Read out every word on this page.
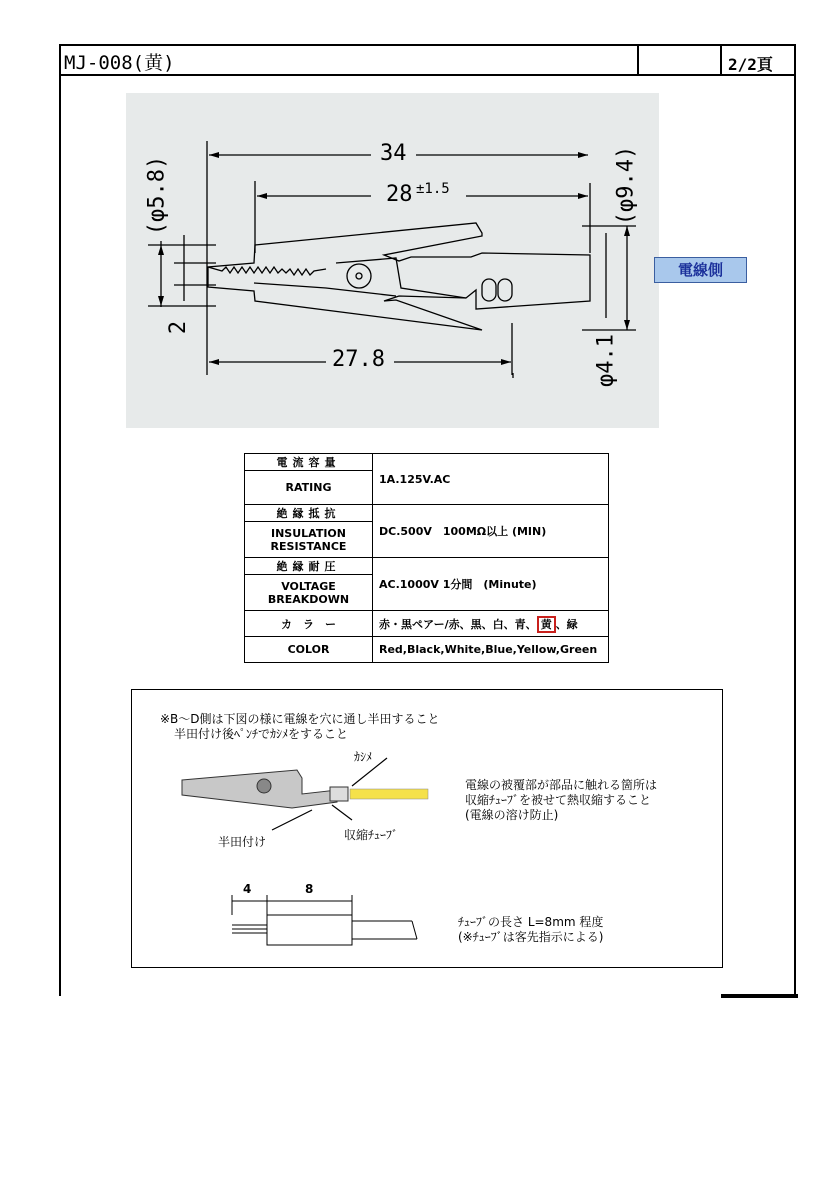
MJ-008(黄)	2/2頁
34
28 ±1.5
27.8
(φ5.8)	(φ9.4)
φ4.1
2
電線側
電流容量	1A.125V.AC
RATING	
絶縁抵抗	DC.500V　100MΩ以上 (MIN)

INSULATION
RESISTANCE	

絶縁耐圧	AC.1000V 1分間　(Minute)

VOLTAGE
BREAKDOWN	

カ　ラ　ー	赤・黒ペアー/赤、黒、白、青、 黄 、緑
COLOR	Red,Black,White,Blue,Yellow,Green
※B～D側は下図の様に電線を穴に通し半田すること
半田付け後ﾍﾟﾝﾁでｶｼﾒをすること
ｶｼﾒ
半田付け	収縮ﾁｭｰﾌﾞ
電線の被覆部が部品に触れる箇所は
収縮ﾁｭｰﾌﾞを被せて熱収縮すること
(電線の溶け防止)
4	8
ﾁｭｰﾌﾞの長さ L=8mm 程度
(※ﾁｭｰﾌﾞは客先指示による)
